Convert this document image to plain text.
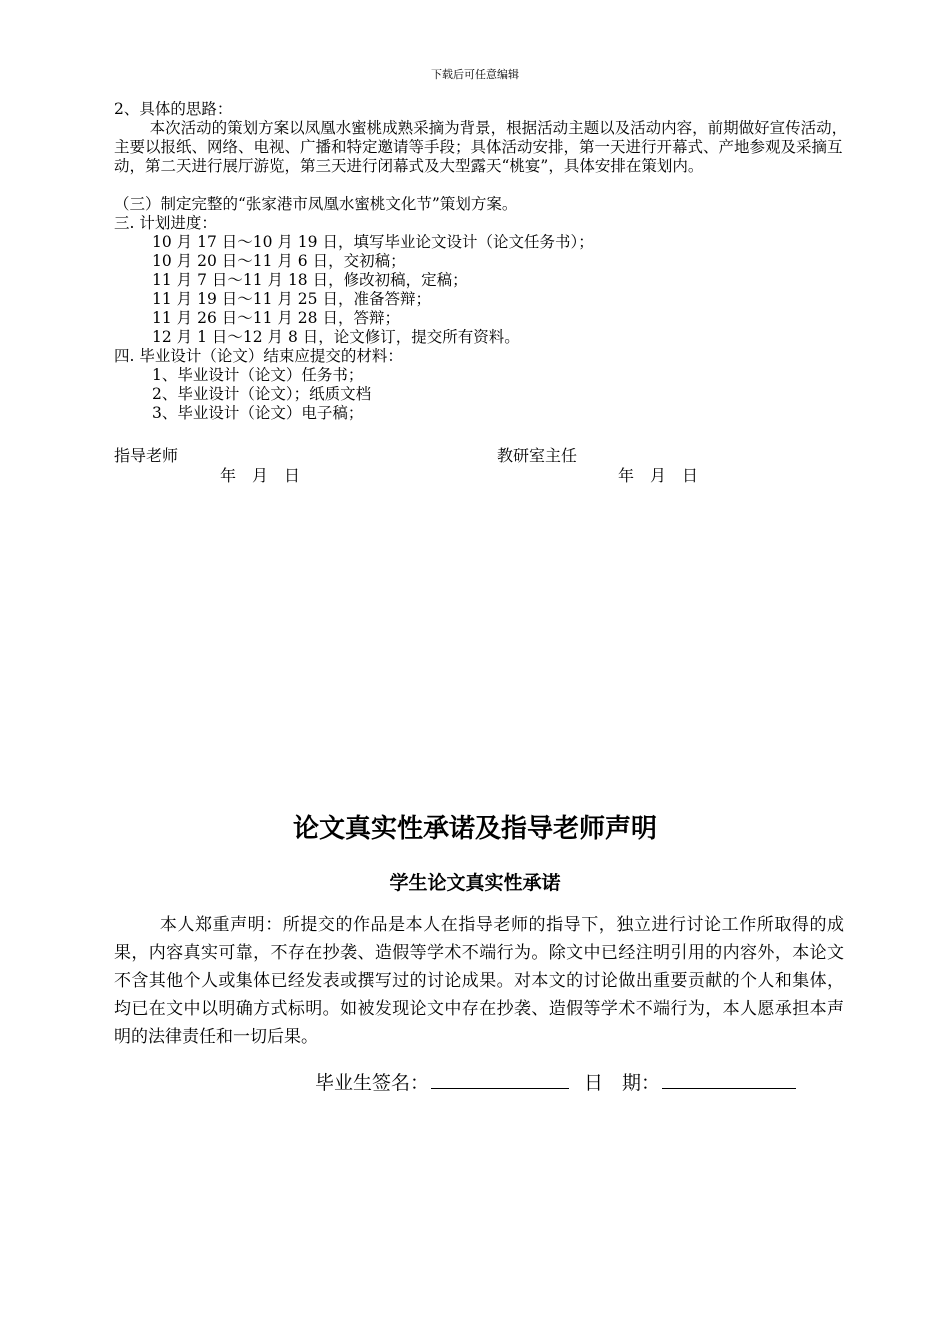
下载后可任意编辑
2、具体的思路：
本次活动的策划方案以凤凰水蜜桃成熟采摘为背景，根据活动主题以及活动内容，前期做好宣传活动，主要以报纸、网络、电视、广播和特定邀请等手段；具体活动安排，第一天进行开幕式、产地参观及采摘互动，第二天进行展厅游览，第三天进行闭幕式及大型露天“桃宴”，具体安排在策划内。
（三）制定完整的“张家港市凤凰水蜜桃文化节”策划方案。
三. 计划进度：
10 月 17 日～10 月 19 日，填写毕业论文设计（论文任务书）；
10 月 20 日～11 月 6 日，交初稿；
11 月 7 日～11 月 18 日，修改初稿，定稿；
11 月 19 日～11 月 25 日，准备答辩；
11 月 26 日～11 月 28 日，答辩；
12 月 1 日～12 月 8 日，论文修订，提交所有资料。
四. 毕业设计（论文）结束应提交的材料：
1、毕业设计（论文）任务书；
2、毕业设计（论文）；纸质文档
3、毕业设计（论文）电子稿；
指导老师	教研室主任
年　月　日	年　月　日
论文真实性承诺及指导老师声明
学生论文真实性承诺
本人郑重声明：所提交的作品是本人在指导老师的指导下，独立进行讨论工作所取得的成果，内容真实可靠，不存在抄袭、造假等学术不端行为。除文中已经注明引用的内容外，本论文不含其他个人或集体已经发表或撰写过的讨论成果。对本文的讨论做出重要贡献的个人和集体，均已在文中以明确方式标明。如被发现论文中存在抄袭、造假等学术不端行为，本人愿承担本声明的法律责任和一切后果。
毕业生签名：	日　期：
